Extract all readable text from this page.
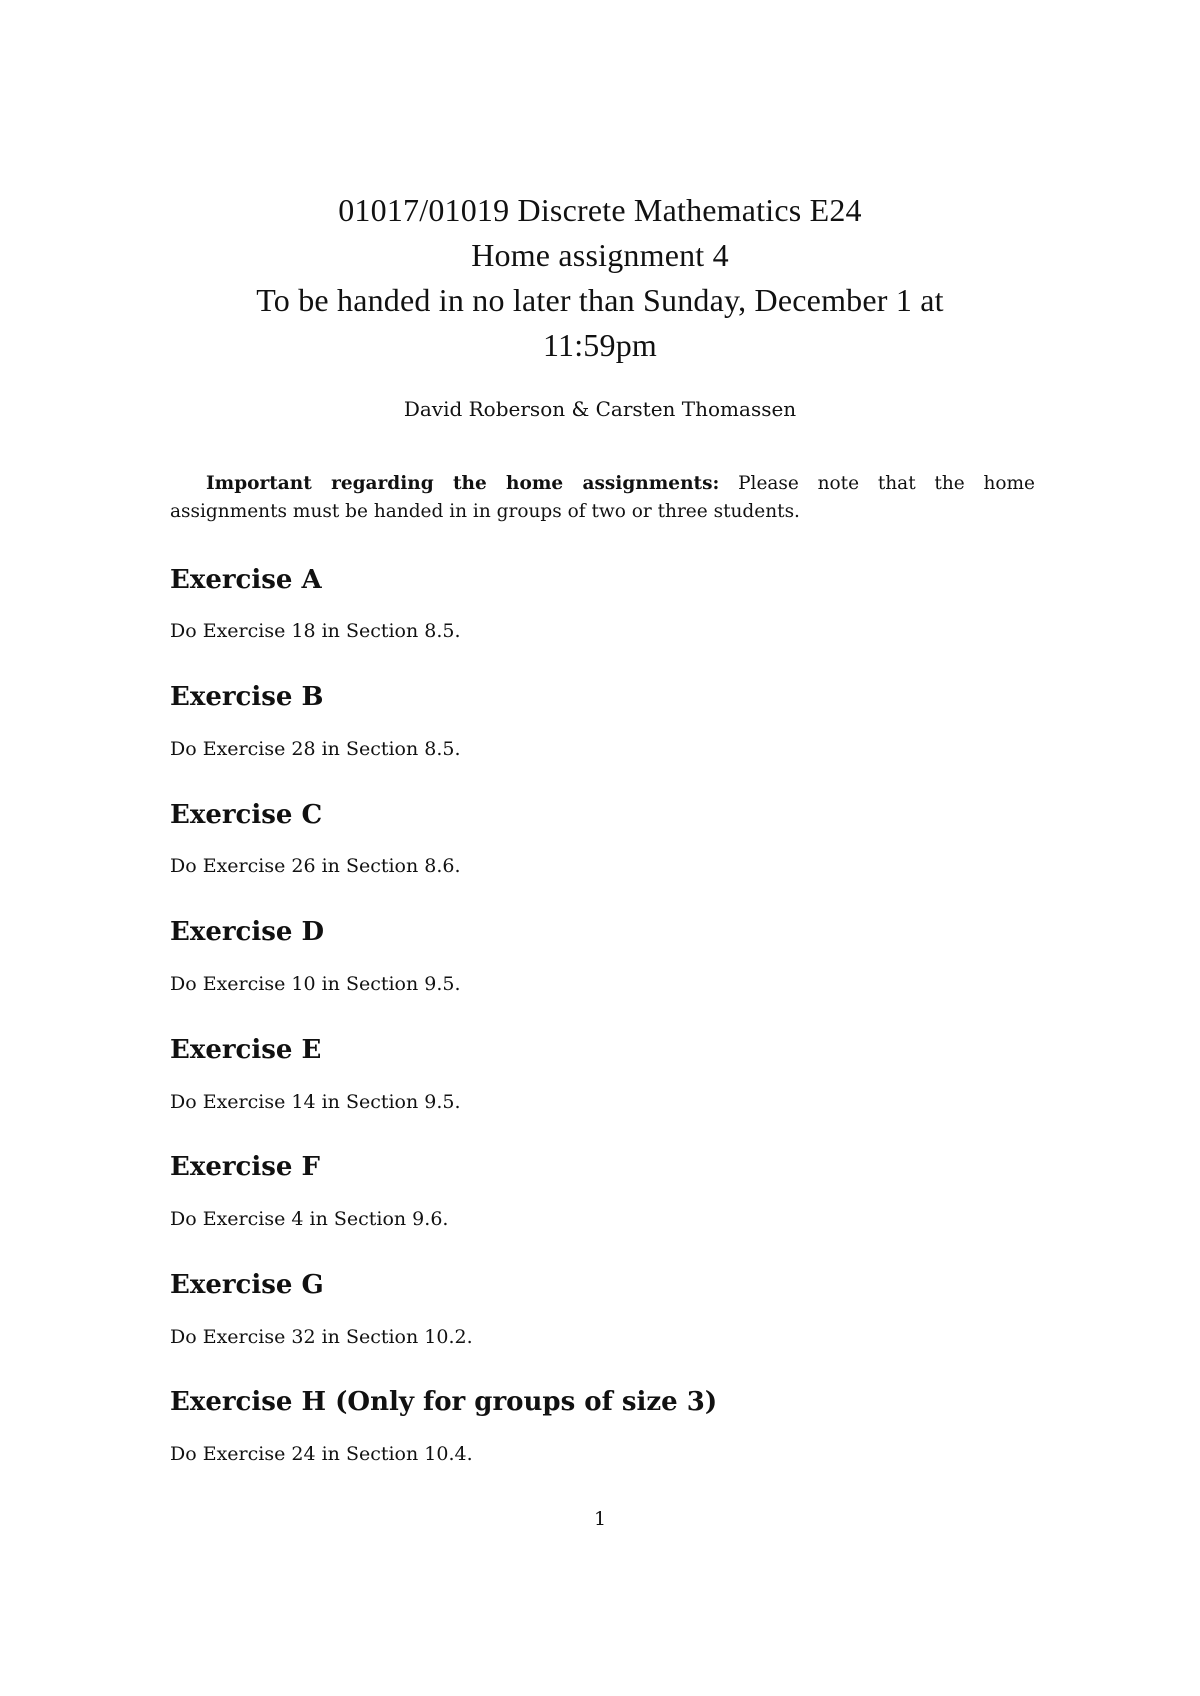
01017/01019 Discrete Mathematics E24
Home assignment 4
To be handed in no later than Sunday, December 1 at
11:59pm
David Roberson & Carsten Thomassen
Important regarding the home assignments: Please note that the home assignments must be handed in in groups of two or three students.
Exercise A
Do Exercise 18 in Section 8.5.
Exercise B
Do Exercise 28 in Section 8.5.
Exercise C
Do Exercise 26 in Section 8.6.
Exercise D
Do Exercise 10 in Section 9.5.
Exercise E
Do Exercise 14 in Section 9.5.
Exercise F
Do Exercise 4 in Section 9.6.
Exercise G
Do Exercise 32 in Section 10.2.
Exercise H (Only for groups of size 3)
Do Exercise 24 in Section 10.4.
1
